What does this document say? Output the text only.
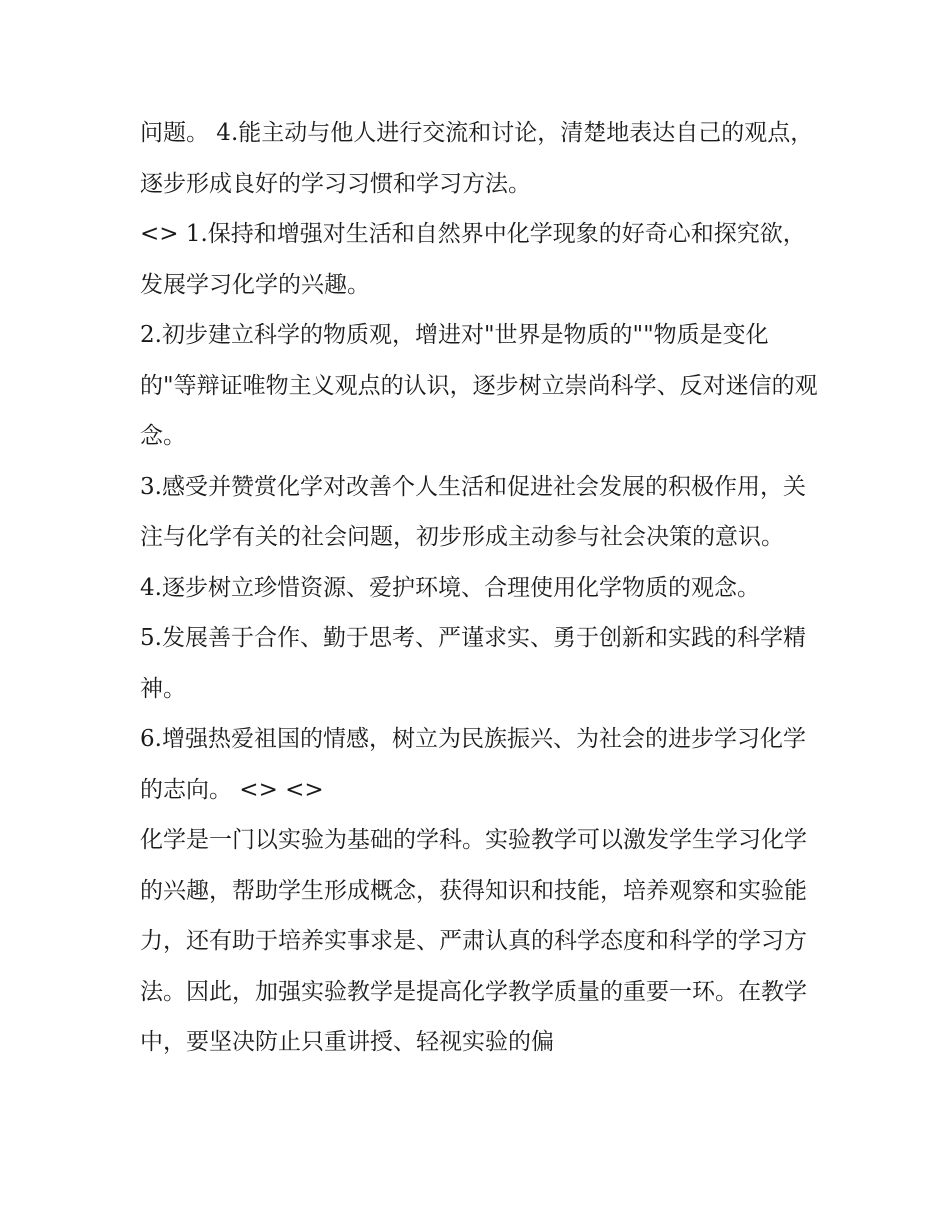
问题。 4.能主动与他人进行交流和讨论，清楚地表达自己的观点，逐步形成良好的学习习惯和学习方法。

<> 1.保持和增强对生活和自然界中化学现象的好奇心和探究欲，发展学习化学的兴趣。

2.初步建立科学的物质观，增进对"世界是物质的""物质是变化的"等辩证唯物主义观点的认识，逐步树立崇尚科学、反对迷信的观念。

3.感受并赞赏化学对改善个人生活和促进社会发展的积极作用，关注与化学有关的社会问题，初步形成主动参与社会决策的意识。

4.逐步树立珍惜资源、爱护环境、合理使用化学物质的观念。

5.发展善于合作、勤于思考、严谨求实、勇于创新和实践的科学精神。

6.增强热爱祖国的情感，树立为民族振兴、为社会的进步学习化学的志向。 <> <>

化学是一门以实验为基础的学科。实验教学可以激发学生学习化学的兴趣，帮助学生形成概念，获得知识和技能，培养观察和实验能力，还有助于培养实事求是、严肃认真的科学态度和科学的学习方法。因此，加强实验教学是提高化学教学质量的重要一环。在教学中，要坚决防止只重讲授、轻视实验的偏
